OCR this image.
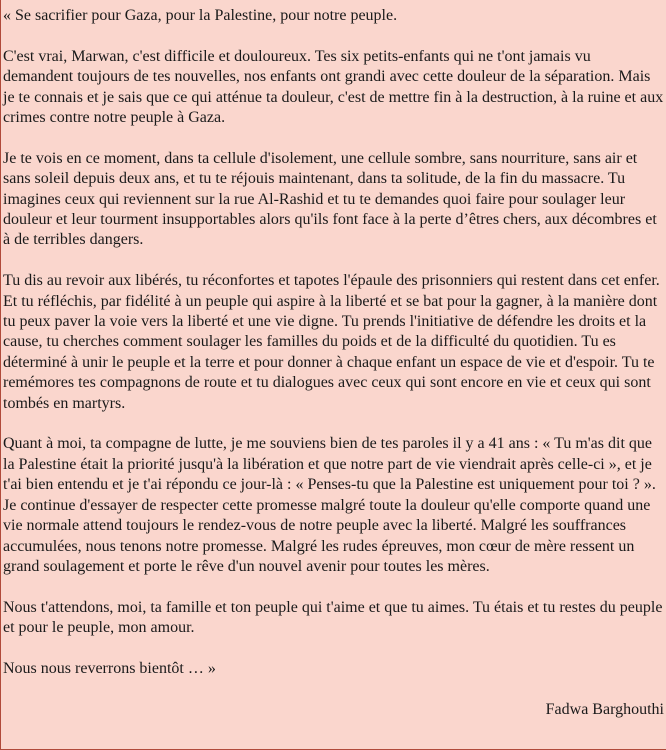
« Se sacrifier pour Gaza, pour la Palestine, pour notre peuple.

C'est vrai, Marwan, c'est difficile et douloureux. Tes six petits-enfants qui ne t'ont jamais vu demandent toujours de tes nouvelles, nos enfants ont grandi avec cette douleur de la séparation. Mais je te connais et je sais que ce qui atténue ta douleur, c'est de mettre fin à la destruction, à la ruine et aux crimes contre notre peuple à Gaza.

Je te vois en ce moment, dans ta cellule d'isolement, une cellule sombre, sans nourriture, sans air et sans soleil depuis deux ans, et tu te réjouis maintenant, dans ta solitude, de la fin du massacre. Tu imagines ceux qui reviennent sur la rue Al-Rashid et tu te demandes quoi faire pour soulager leur douleur et leur tourment insupportables alors qu'ils font face à la perte d’êtres chers, aux décombres et à de terribles dangers.

Tu dis au revoir aux libérés, tu réconfortes et tapotes l'épaule des prisonniers qui restent dans cet enfer. Et tu réfléchis, par fidélité à un peuple qui aspire à la liberté et se bat pour la gagner, à la manière dont tu peux paver la voie vers la liberté et une vie digne. Tu prends l'initiative de défendre les droits et la cause, tu cherches comment soulager les familles du poids et de la difficulté du quotidien. Tu es déterminé à unir le peuple et la terre et pour donner à chaque enfant un espace de vie et d'espoir. Tu te remémores tes compagnons de route et tu dialogues avec ceux qui sont encore en vie et ceux qui sont tombés en martyrs.

Quant à moi, ta compagne de lutte, je me souviens bien de tes paroles il y a 41 ans : « Tu m'as dit que la Palestine était la priorité jusqu'à la libération et que notre part de vie viendrait après celle-ci », et je t'ai bien entendu et je t'ai répondu ce jour-là : « Penses-tu que la Palestine est uniquement pour toi ? ». Je continue d'essayer de respecter cette promesse malgré toute la douleur qu'elle comporte quand une vie normale attend toujours le rendez-vous de notre peuple avec la liberté. Malgré les souffrances accumulées, nous tenons notre promesse. Malgré les rudes épreuves, mon cœur de mère ressent un grand soulagement et porte le rêve d'un nouvel avenir pour toutes les mères.

Nous t'attendons, moi, ta famille et ton peuple qui t'aime et que tu aimes. Tu étais et tu restes du peuple et pour le peuple, mon amour.

Nous nous reverrons bientôt … »

Fadwa Barghouthi
